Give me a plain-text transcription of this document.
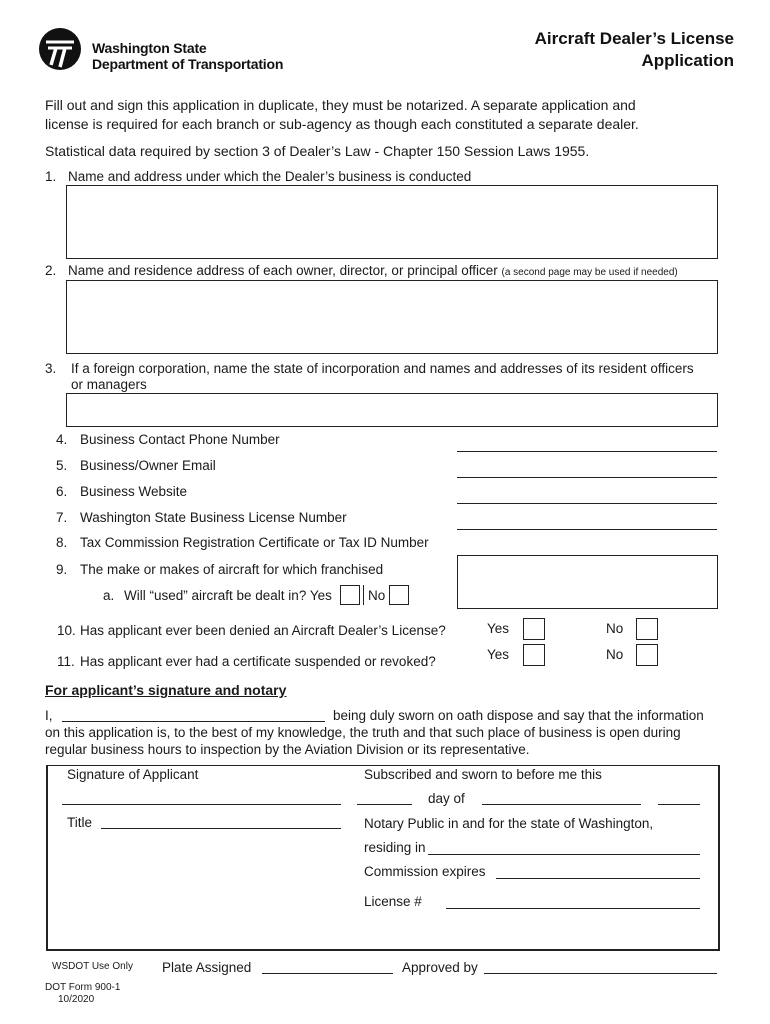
Washington State
Department of Transportation
Aircraft Dealer’s License
Application
Fill out and sign this application in duplicate, they must be notarized. A separate application and
license is required for each branch or sub-agency as though each constituted a separate dealer.
Statistical data required by section 3 of Dealer’s Law - Chapter 150 Session Laws 1955.
1. Name and address under which the Dealer’s business is conducted
2. Name and residence address of each owner, director, or principal officer (a second page may be used if needed)
3. If a foreign corporation, name the state of incorporation and names and addresses of its resident officers
or managers
4. Business Contact Phone Number
5. Business/Owner Email
6. Business Website
7. Washington State Business License Number
8. Tax Commission Registration Certificate or Tax ID Number
9. The make or makes of aircraft for which franchised
a. Will “used” aircraft be dealt in? Yes	No
10. Has applicant ever been denied an Aircraft Dealer’s License?	Yes	No
11. Has applicant ever had a certificate suspended or revoked?	Yes	No
For applicant’s signature and notary
I,	being duly sworn on oath dispose and say that the information
on this application is, to the best of my knowledge, the truth and that such place of business is open during
regular business hours to inspection by the Aviation Division or its representative.
Signature of Applicant
Title
Subscribed and sworn to before me this
day of
Notary Public in and for the state of Washington,
residing in
Commission expires
License #
WSDOT Use Only Plate Assigned	Approved by
DOT Form 900-1
10/2020
